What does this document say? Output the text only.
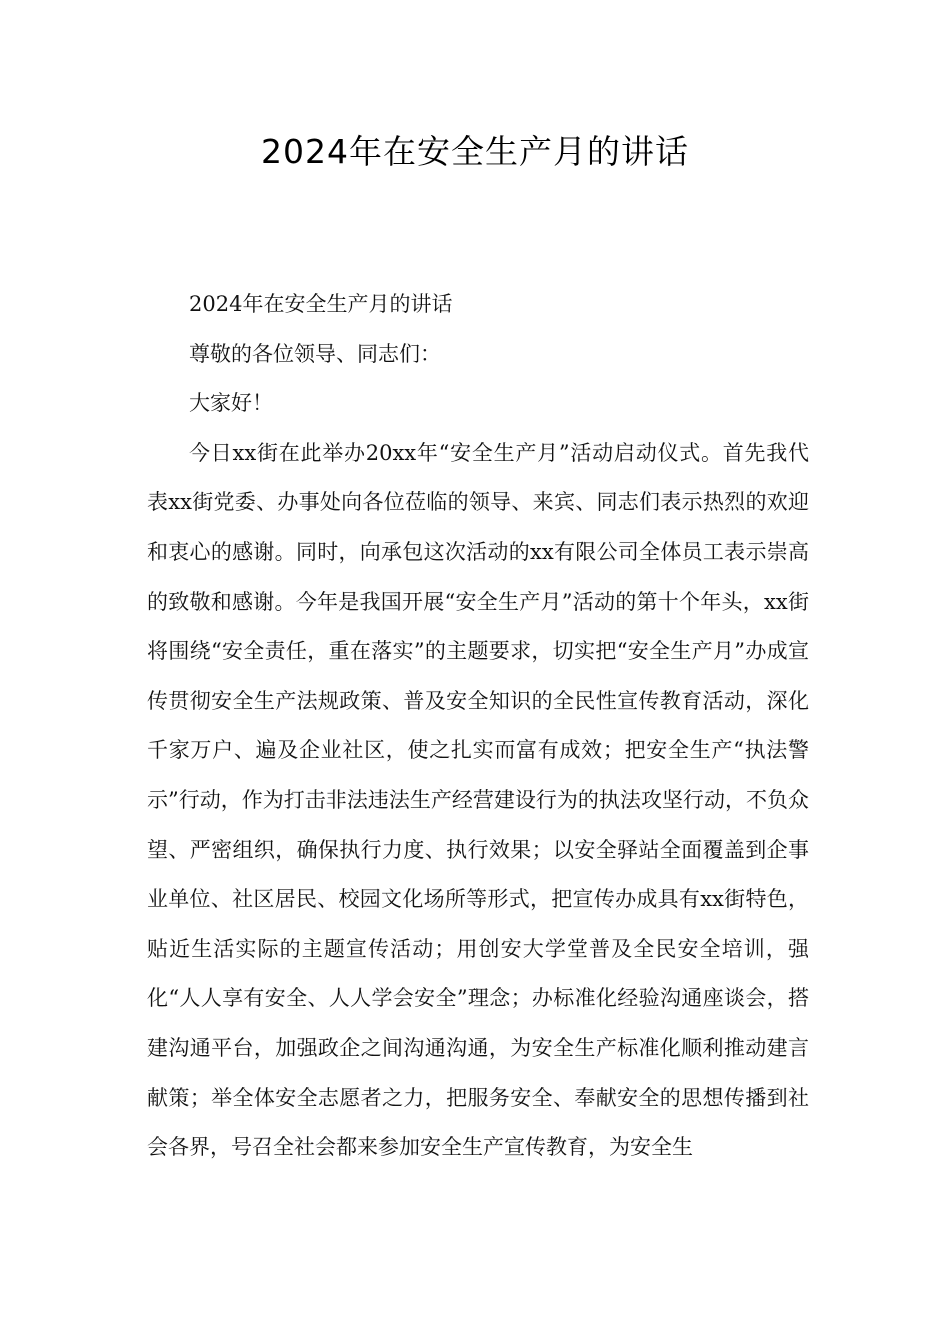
2024年在安全生产月的讲话

2024年在安全生产月的讲话

尊敬的各位领导、同志们：

大家好！

今日xx街在此举办20xx年“安全生产月”活动启动仪式。首先我代表xx街党委、办事处向各位莅临的领导、来宾、同志们表示热烈的欢迎和衷心的感谢。同时，向承包这次活动的xx有限公司全体员工表示崇高的致敬和感谢。今年是我国开展“安全生产月”活动的第十个年头，xx街将围绕“安全责任，重在落实”的主题要求，切实把“安全生产月”办成宣传贯彻安全生产法规政策、普及安全知识的全民性宣传教育活动，深化千家万户、遍及企业社区，使之扎实而富有成效；把安全生产“执法警示”行动，作为打击非法违法生产经营建设行为的执法攻坚行动，不负众望、严密组织，确保执行力度、执行效果；以安全驿站全面覆盖到企事业单位、社区居民、校园文化场所等形式，把宣传办成具有xx街特色，贴近生活实际的主题宣传活动；用创安大学堂普及全民安全培训，强化“人人享有安全、人人学会安全”理念；办标准化经验沟通座谈会，搭建沟通平台，加强政企之间沟通沟通，为安全生产标准化顺利推动建言献策；举全体安全志愿者之力，把服务安全、奉献安全的思想传播到社会各界，号召全社会都来参加安全生产宣传教育，为安全生
